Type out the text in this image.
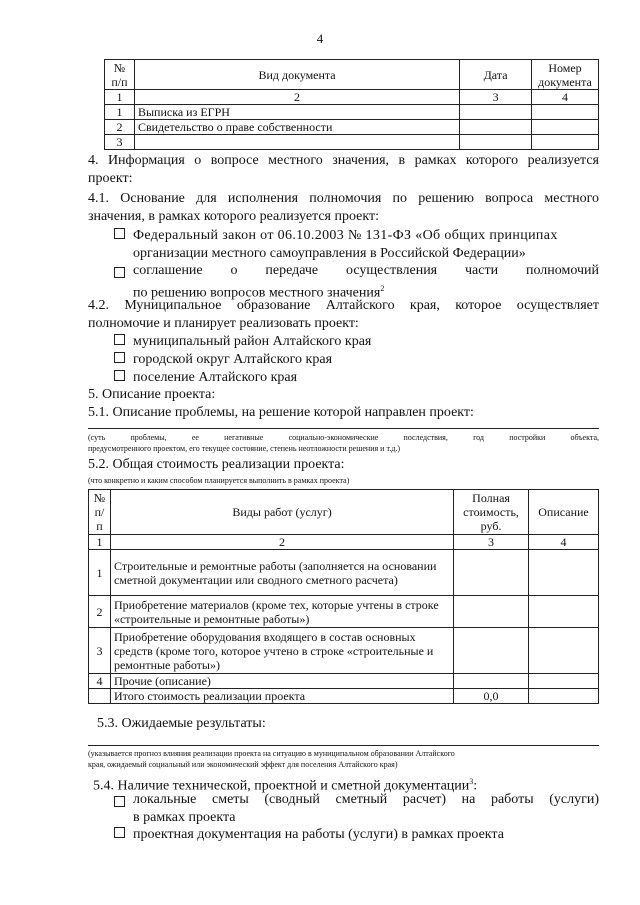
4
№ п/п	Вид документа	Дата	Номер документа
1	2	3	4
1	Выписка из ЕГРН		
2	Свидетельство о праве собственности		
3			
4. Информация о вопросе местного значения, в рамках которого реализуется
проект:
4.1. Основание для исполнения полномочия по решению вопроса местного
значения, в рамках которого реализуется проект:
Федеральный закон от 06.10.2003 № 131-ФЗ «Об общих принципах
организации местного самоуправления в Российской Федерации»
соглашение о передаче осуществления части полномочий
по решению вопросов местного значения$^2$
4.2. Муниципальное образование Алтайского края, которое осуществляет
полномочие и планирует реализовать проект:
муниципальный район Алтайского края
городской округ Алтайского края
поселение Алтайского края
5. Описание проекта:
5.1. Описание проблемы, на решение которой направлен проект:
(суть проблемы, ее негативные социально-экономические последствия, год постройки объекта,
предусмотренного проектом, его текущее состояние, степень неотложности решения и т.д.)
5.2. Общая стоимость реализации проекта:
(что конкретно и каким способом планируется выполнить в рамках проекта)
№ п/ п	Виды работ (услуг)	Полная стоимость, руб.	Описание
1	2	3	4
1	Строительные и ремонтные работы (заполняется на основании сметной документации или сводного сметного расчета)		
2	Приобретение материалов (кроме тех, которые учтены в строке «строительные и ремонтные работы»)		
3	Приобретение оборудования входящего в состав основных средств (кроме того, которое учтено в строке «строительные и ремонтные работы»)		
4	Прочие (описание)		
	Итого стоимость реализации проекта	0,0	
5.3. Ожидаемые результаты:
(указывается прогноз влияния реализации проекта на ситуацию в муниципальном образовании Алтайского
края, ожидаемый социальный или экономический эффект для поселения Алтайского края)
5.4. Наличие технической, проектной и сметной документации$^3$:
локальные сметы (сводный сметный расчет) на работы (услуги)
в рамках проекта
проектная документация на работы (услуги) в рамках проекта
